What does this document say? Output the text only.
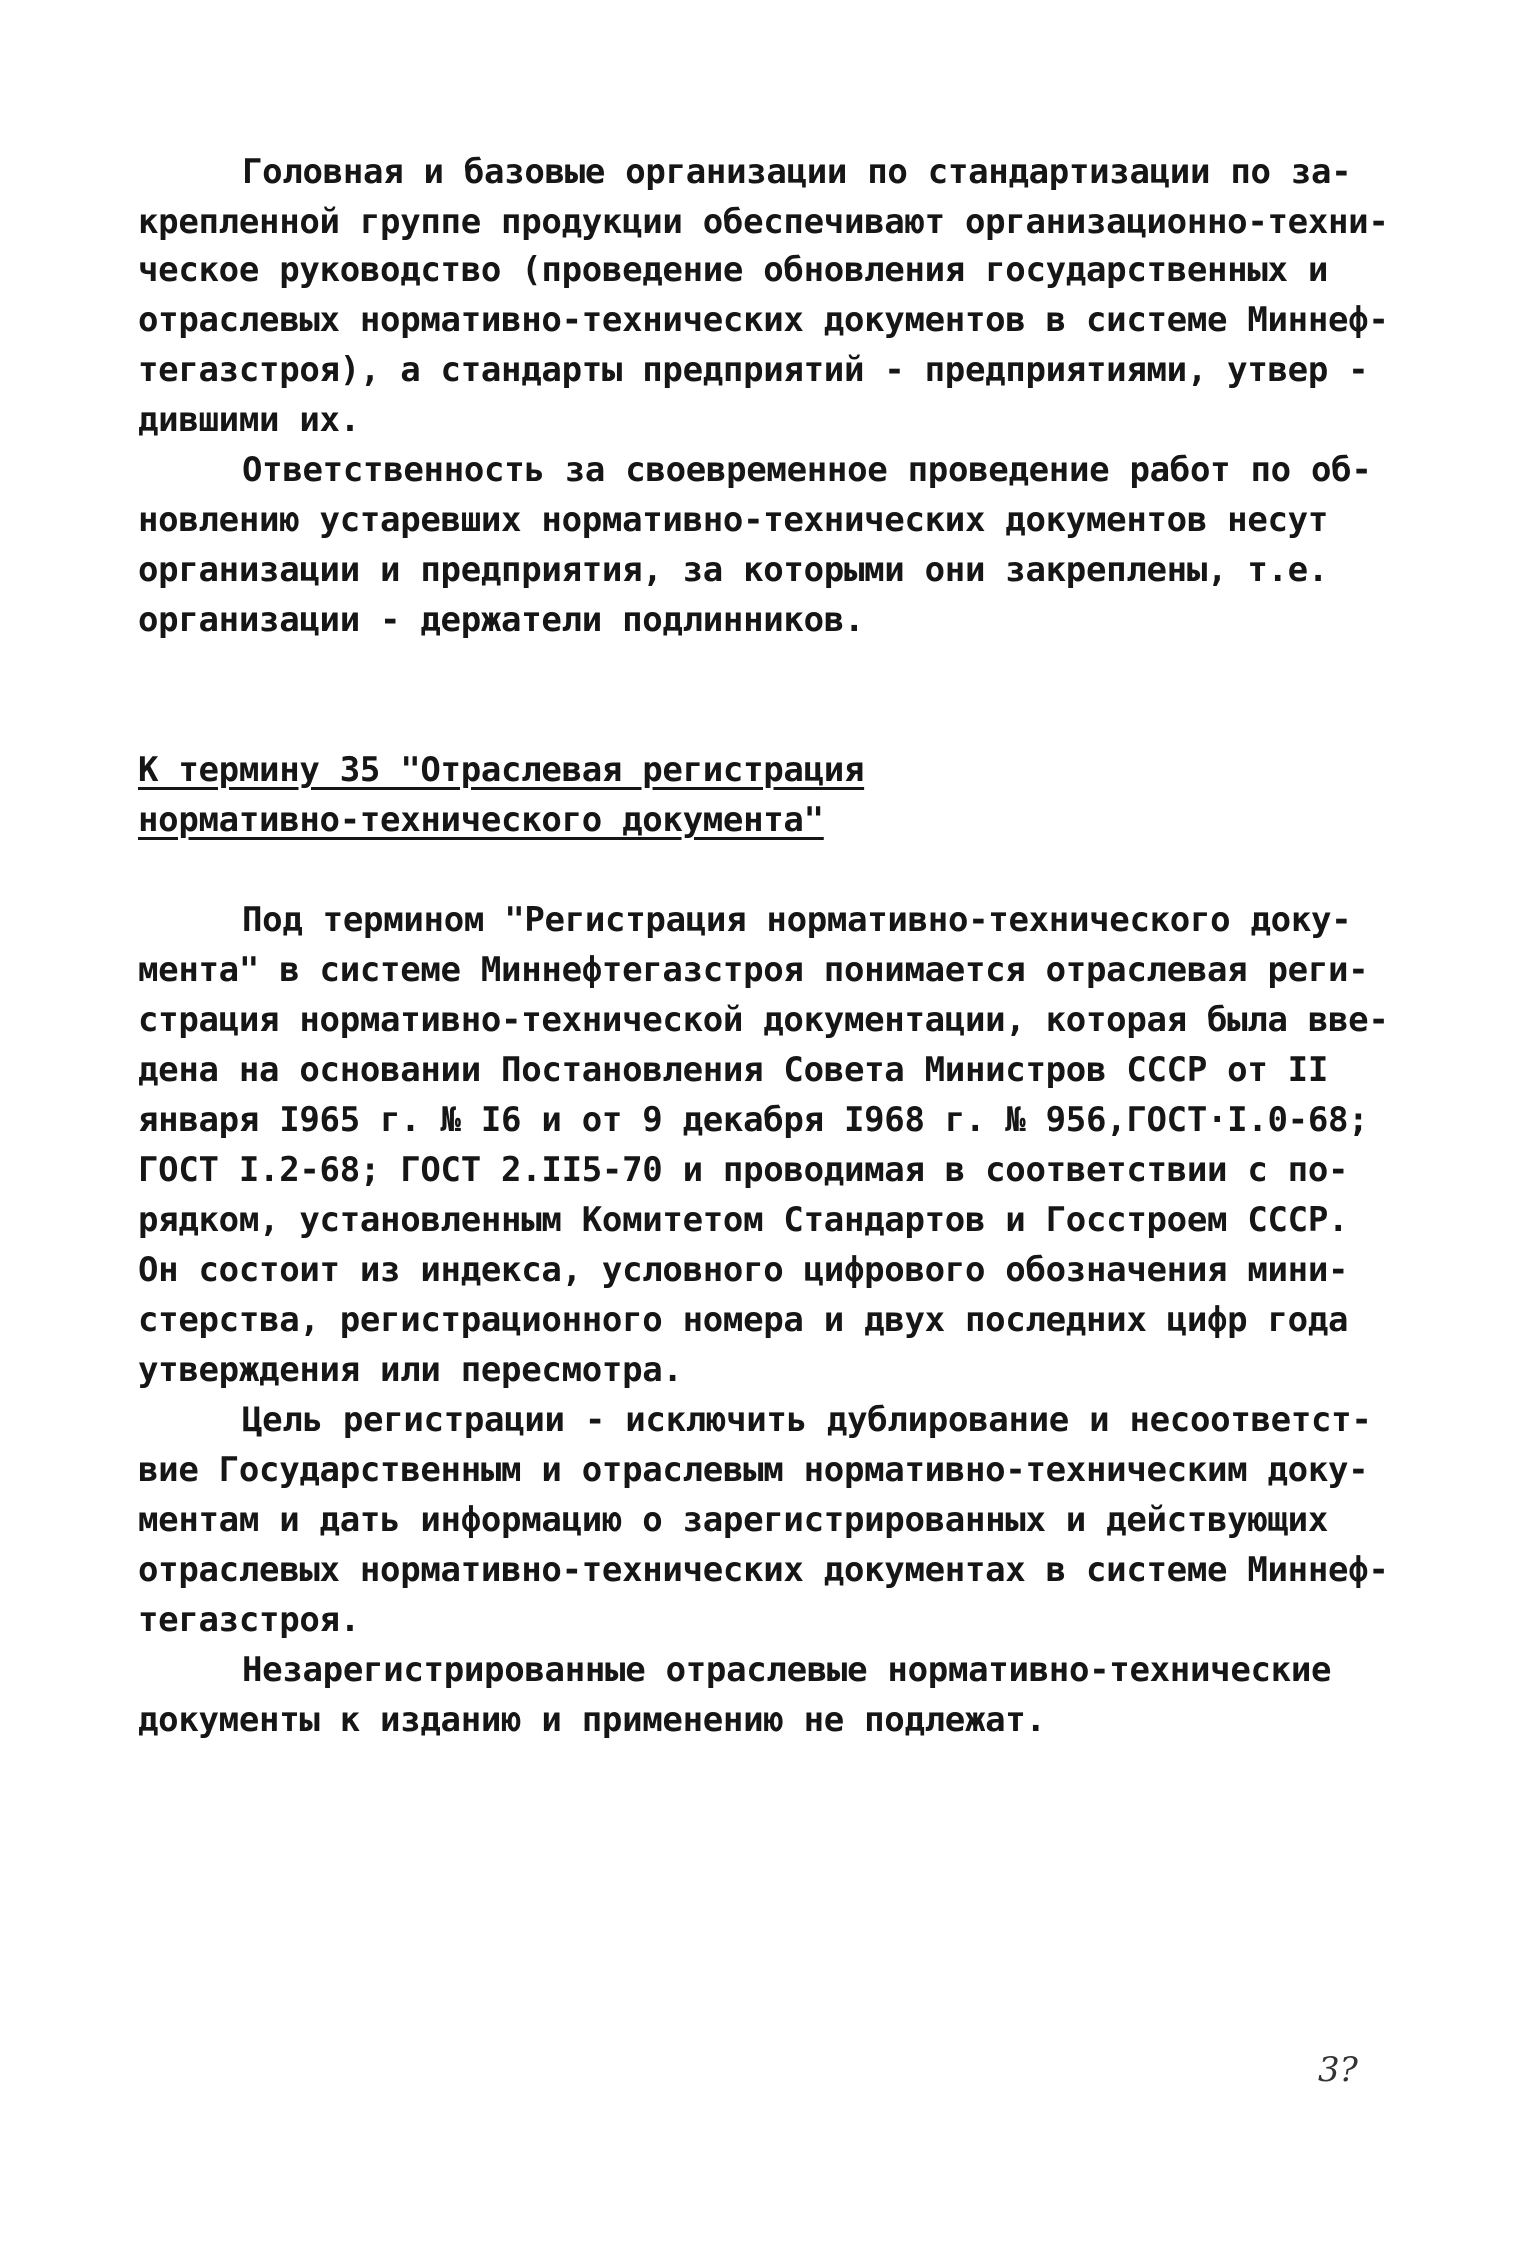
Головная и базовые организации по стандартизации по за-
крепленной группе продукции обеспечивают организационно-техни-
ческое руководство (проведение обновления государственных и
отраслевых нормативно-технических документов в системе Миннеф-
тегазстроя), а стандарты предприятий - предприятиями, утвер -
дившими их.
Ответственность за своевременное проведение работ по об-
новлению устаревших нормативно-технических документов несут
организации и предприятия, за которыми они закреплены, т.е.
организации - держатели подлинников.
К термину 35 "Отраслевая регистрация
нормативно-технического документа"
Под термином "Регистрация нормативно-технического доку-
мента" в системе Миннефтегазстроя понимается отраслевая реги-
страция нормативно-технической документации, которая была вве-
дена на основании Постановления Совета Министров СССР от II
января I965 г. № I6 и от 9 декабря I968 г. № 956,ГОСТ·I.0-68;
ГОСТ I.2-68; ГОСТ 2.II5-70 и проводимая в соответствии с по-
рядком, установленным Комитетом Стандартов и Госстроем СССР.
Он состоит из индекса, условного цифрового обозначения мини-
стерства, регистрационного номера и двух последних цифр года
утверждения или пересмотра.
Цель регистрации - исключить дублирование и несоответст-
вие Государственным и отраслевым нормативно-техническим доку-
ментам и дать информацию о зарегистрированных и действующих
отраслевых нормативно-технических документах в системе Миннеф-
тегазстроя.
Незарегистрированные отраслевые нормативно-технические
документы к изданию и применению не подлежат.
3?
